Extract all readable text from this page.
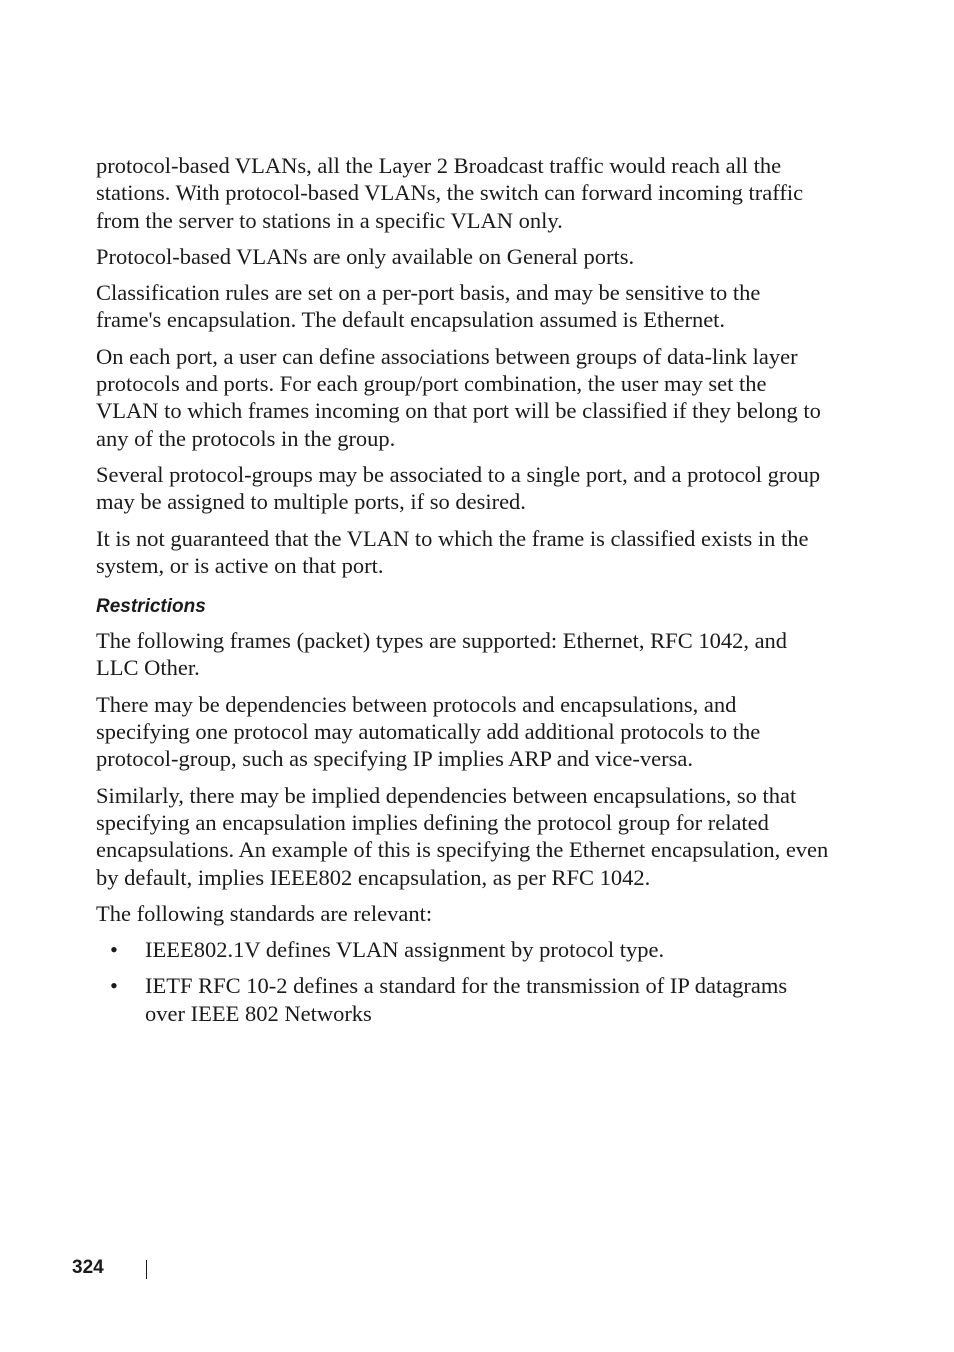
protocol-based VLANs, all the Layer 2 Broadcast traffic would reach all the stations. With protocol-based VLANs, the switch can forward incoming traffic from the server to stations in a specific VLAN only.

Protocol-based VLANs are only available on General ports.

Classification rules are set on a per-port basis, and may be sensitive to the frame's encapsulation. The default encapsulation assumed is Ethernet.

On each port, a user can define associations between groups of data-link layer protocols and ports. For each group/port combination, the user may set the VLAN to which frames incoming on that port will be classified if they belong to any of the protocols in the group.

Several protocol-groups may be associated to a single port, and a protocol group may be assigned to multiple ports, if so desired.

It is not guaranteed that the VLAN to which the frame is classified exists in the system, or is active on that port.

Restrictions

The following frames (packet) types are supported: Ethernet, RFC 1042, and LLC Other.

There may be dependencies between protocols and encapsulations, and specifying one protocol may automatically add additional protocols to the protocol-group, such as specifying IP implies ARP and vice-versa.

Similarly, there may be implied dependencies between encapsulations, so that specifying an encapsulation implies defining the protocol group for related encapsulations. An example of this is specifying the Ethernet encapsulation, even by default, implies IEEE802 encapsulation, as per RFC 1042.

The following standards are relevant:

• IEEE802.1V defines VLAN assignment by protocol type.
• IETF RFC 10-2 defines a standard for the transmission of IP datagrams over IEEE 802 Networks
324
